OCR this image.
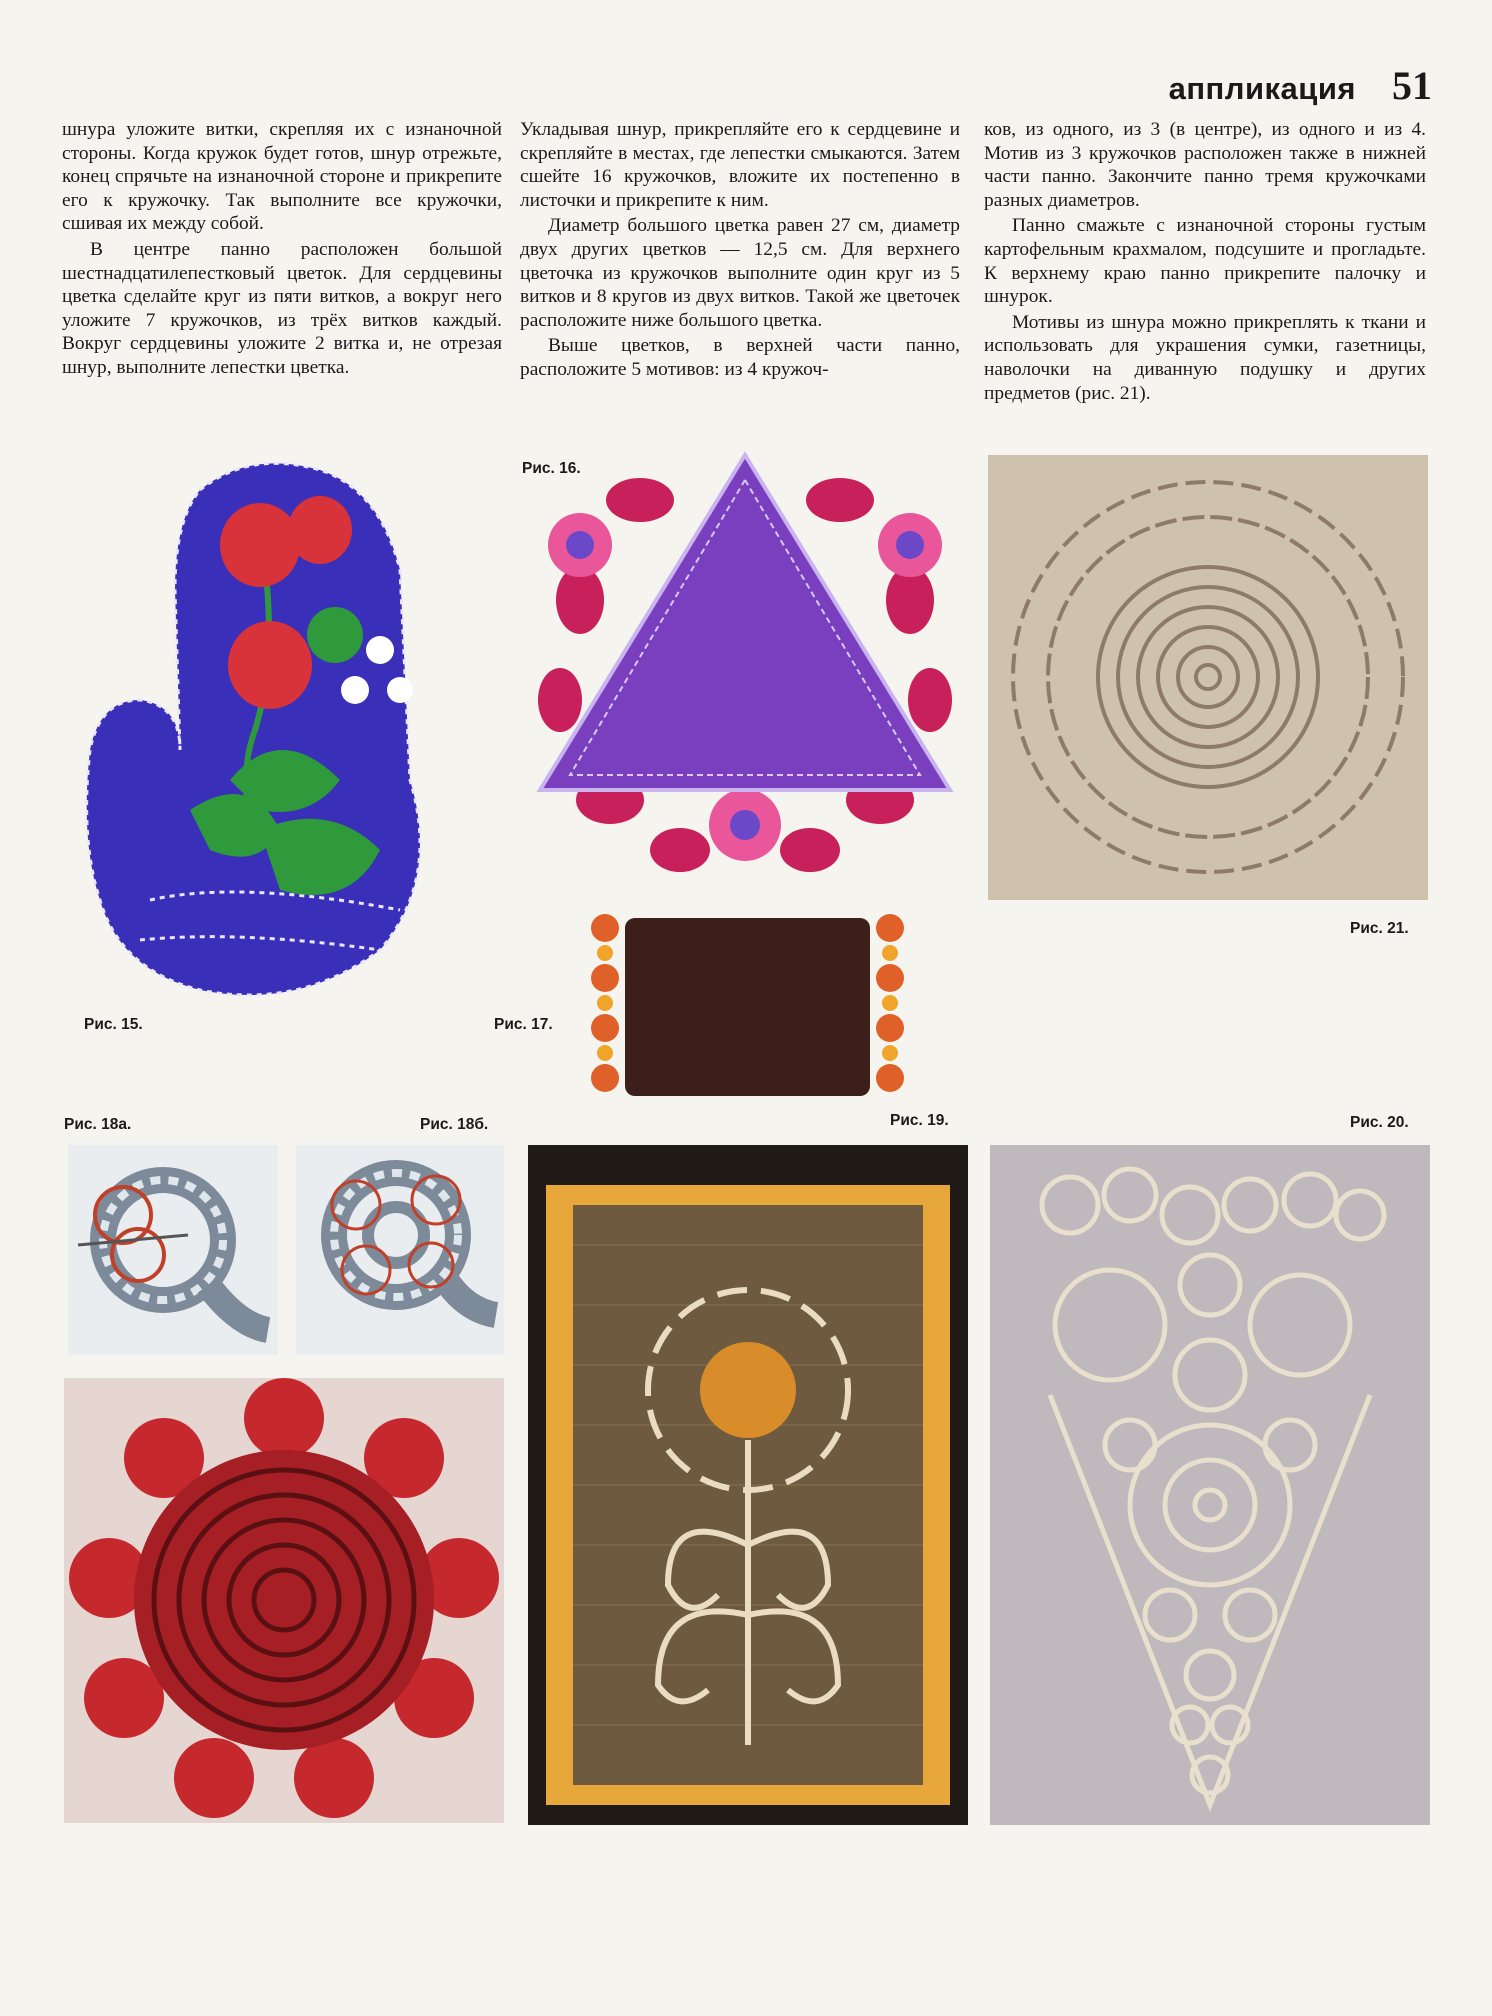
аппликация 51

шнура уложите витки, скрепляя их с изнаночной стороны. Когда кружок будет готов, шнур отрежьте, конец спрячьте на изнаночной стороне и прикрепите его к кружочку. Так выполните все кружочки, сшивая их между собой.

В центре панно расположен большой шестнадцатилепестковый цветок. Для сердцевины цветка сделайте круг из пяти витков, а вокруг него уложите 7 кружочков, из трёх витков каждый. Вокруг сердцевины уложите 2 витка и, не отрезая шнур, выполните лепестки цветка.

Укладывая шнур, прикрепляйте его к сердцевине и скрепляйте в местах, где лепестки смыкаются. Затем сшейте 16 кружочков, вложите их постепенно в листочки и прикрепите к ним.

Диаметр большого цветка равен 27 см, диаметр двух других цветков — 12,5 см. Для верхнего цветочка из кружочков выполните один круг из 5 витков и 8 кругов из двух витков. Такой же цветочек расположите ниже большого цветка.

Выше цветков, в верхней части панно, расположите 5 мотивов: из 4 кружоч-

ков, из одного, из 3 (в центре), из одного и из 4. Мотив из 3 кружочков расположен также в нижней части панно. Закончите панно тремя кружочками разных диаметров.

Панно смажьте с изнаночной стороны густым картофельным крахмалом, подсушите и прогладьте. К верхнему краю панно прикрепите палочку и шнурок.

Мотивы из шнура можно прикреплять к ткани и использовать для украшения сумки, газетницы, наволочки на диванную подушку и других предметов (рис. 21).

Рис. 15.
Рис. 16.
Рис. 17.
Рис. 21.
Рис. 18а.	Рис. 18б.	Рис. 19.	Рис. 20.
